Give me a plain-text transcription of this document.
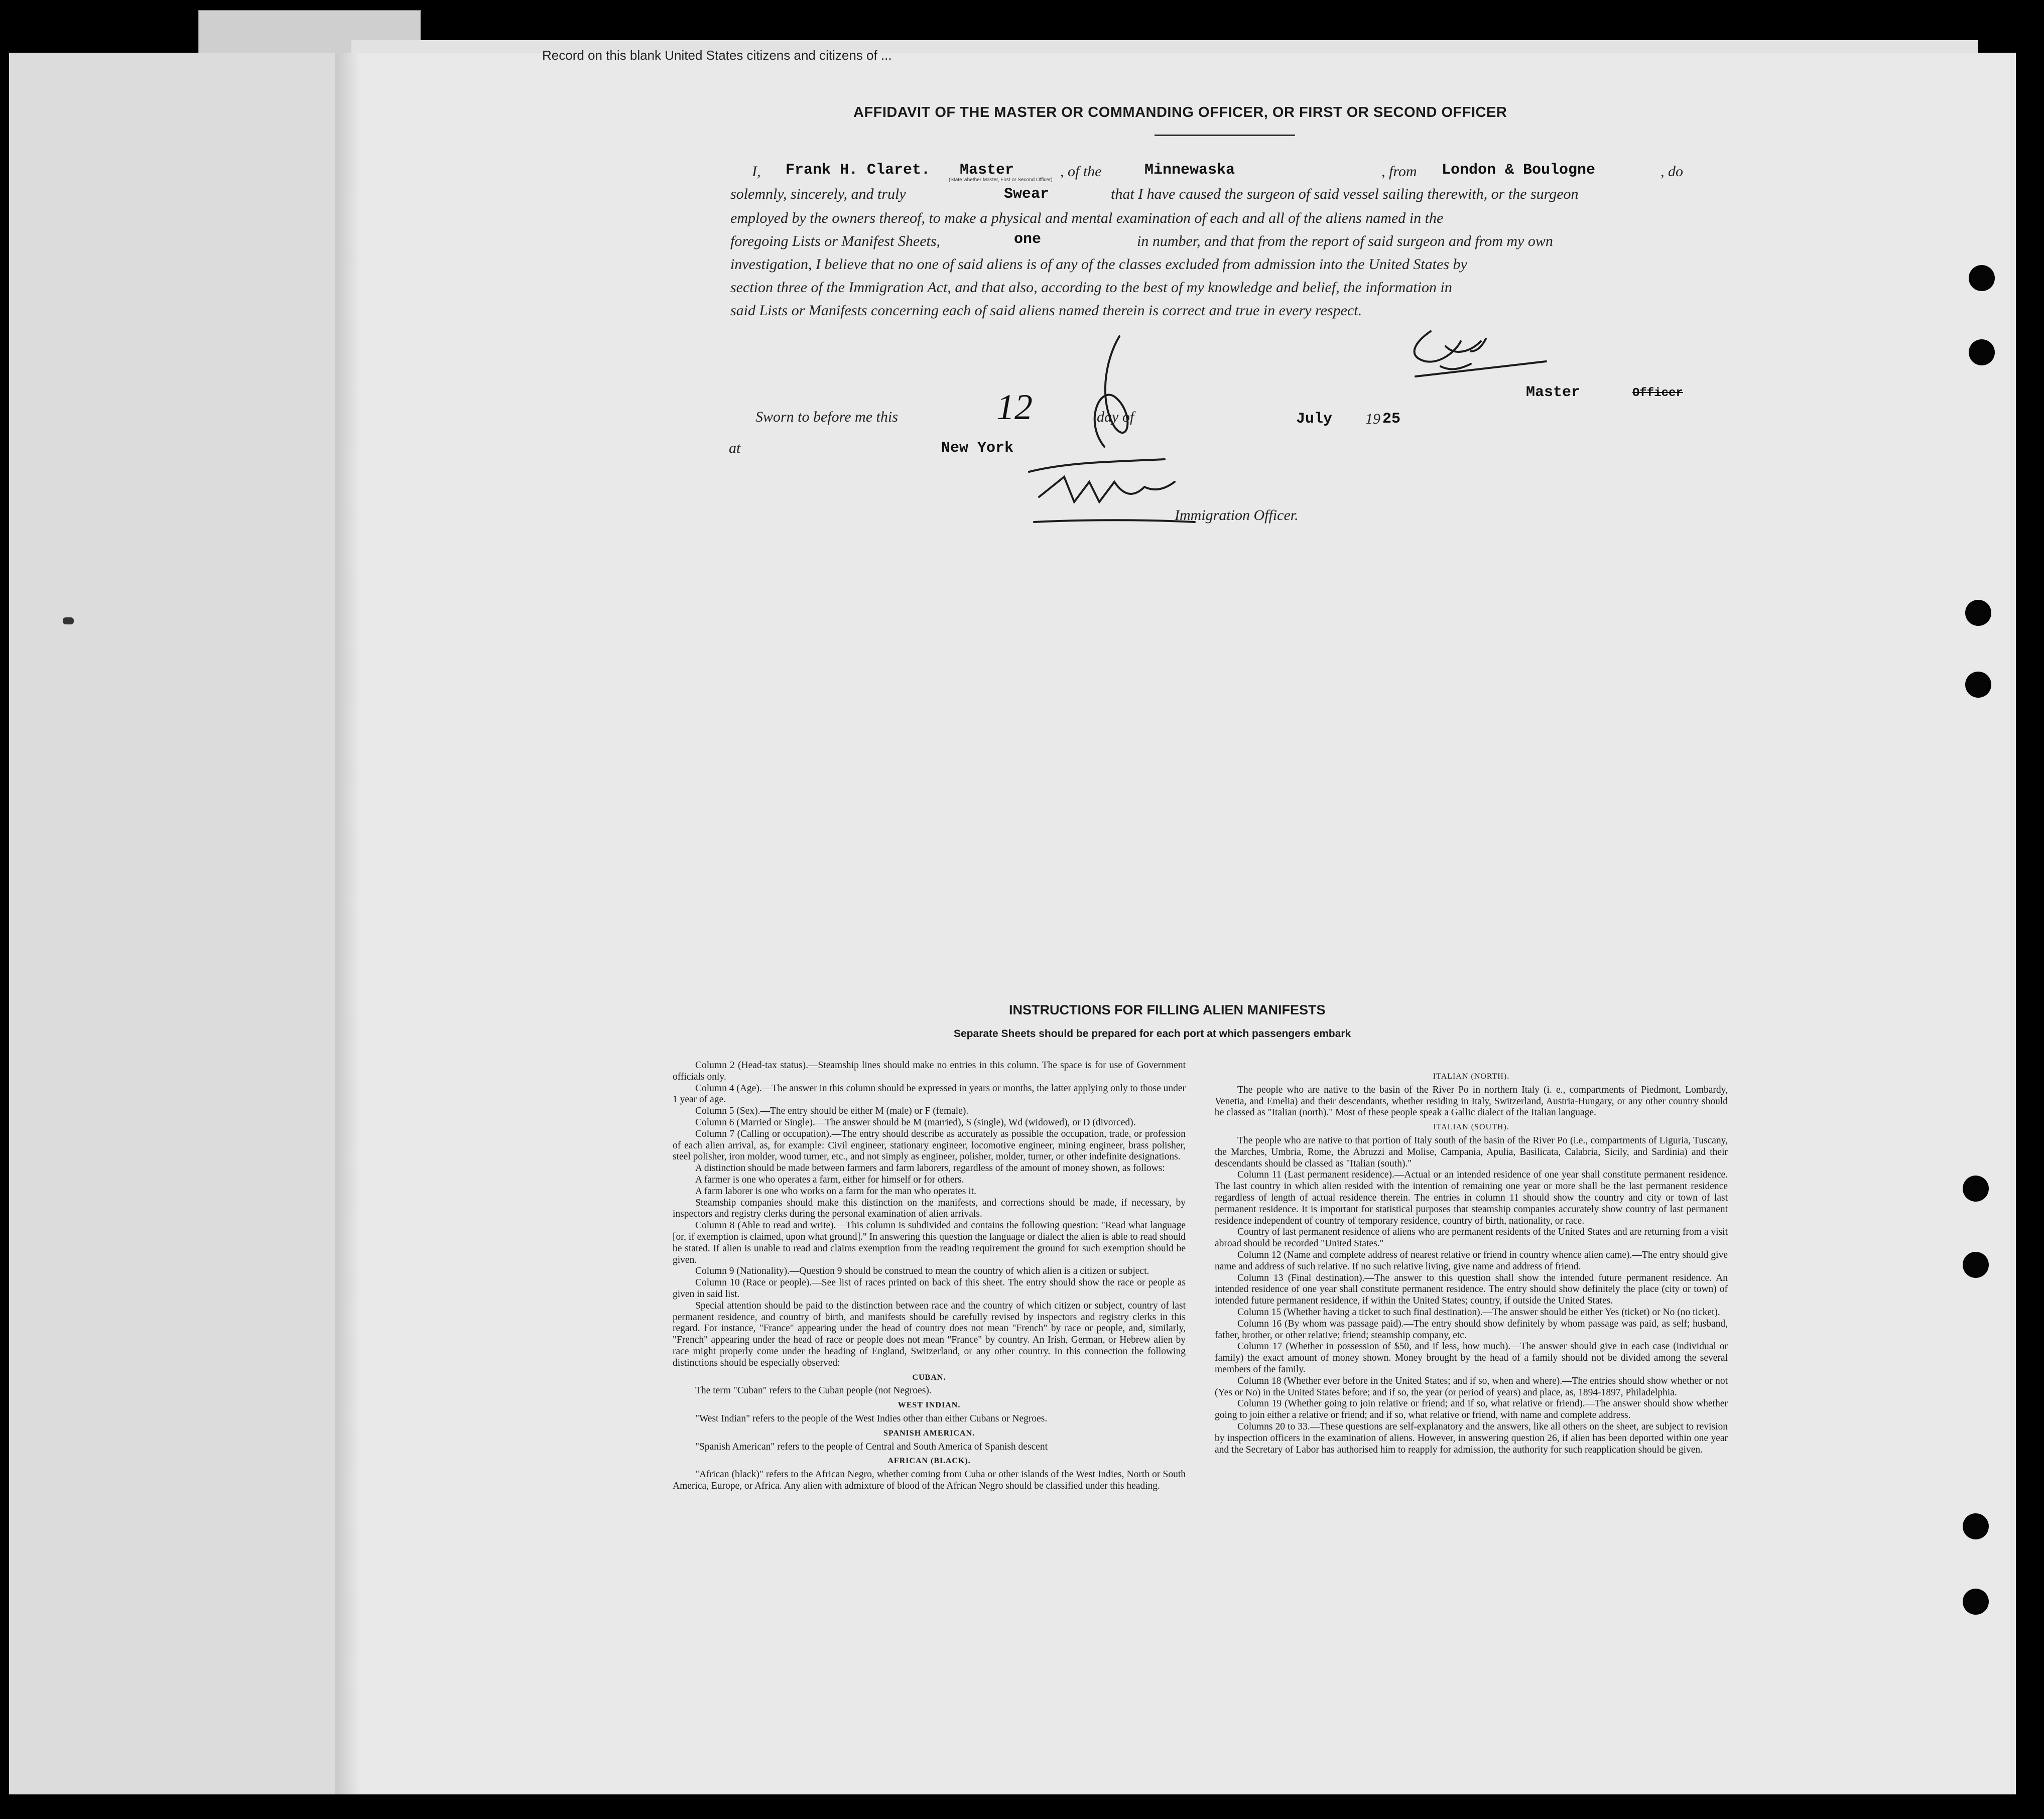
Record on this blank United States citizens and citizens of ...
AFFIDAVIT OF THE MASTER OR COMMANDING OFFICER, OR FIRST OR SECOND OFFICER
I, Frank H. Claret. Master
(State whether Master, First or Second Officer)
, of the	Minnewaska	, from London & Boulogne	, do
solemnly, sincerely, and truly	Swear	that I have caused the surgeon of said vessel sailing therewith, or the surgeon
employed by the owners thereof, to make a physical and mental examination of each and all of the aliens named in the
foregoing Lists or Manifest Sheets,	one	in number, and that from the report of said surgeon and from my own
investigation, I believe that no one of said aliens is of any of the classes excluded from admission into the United States by
section three of the Immigration Act, and that also, according to the best of my knowledge and belief, the information in
said Lists or Manifests concerning each of said aliens named therein is correct and true in every respect.
Master	Officer
Sworn to before me this	12	day of	July 19 25
at	New York
Immigration Officer.
INSTRUCTIONS FOR FILLING ALIEN MANIFESTS
Separate Sheets should be prepared for each port at which passengers embark

Column 2 (Head-tax status).—Steamship lines should make no entries in this column. The space is for use of Government officials only.

Column 4 (Age).—The answer in this column should be expressed in years or months, the latter applying only to those under 1 year of age.

Column 5 (Sex).—The entry should be either M (male) or F (female).

Column 6 (Married or Single).—The answer should be M (married), S (single), Wd (widowed), or D (divorced).

Column 7 (Calling or occupation).—The entry should describe as accurately as possible the occupation, trade, or profession of each alien arrival, as, for example: Civil engineer, stationary engineer, locomotive engineer, mining engineer, brass polisher, steel polisher, iron molder, wood turner, etc., and not simply as engineer, polisher, molder, turner, or other indefinite designations.

A distinction should be made between farmers and farm laborers, regardless of the amount of money shown, as follows:

A farmer is one who operates a farm, either for himself or for others.

A farm laborer is one who works on a farm for the man who operates it.

Steamship companies should make this distinction on the manifests, and corrections should be made, if necessary, by inspectors and registry clerks during the personal examination of alien arrivals.

Column 8 (Able to read and write).—This column is subdivided and contains the following question: "Read what language [or, if exemption is claimed, upon what ground]." In answering this question the language or dialect the alien is able to read should be stated. If alien is unable to read and claims exemption from the reading requirement the ground for such exemption should be given.

Column 9 (Nationality).—Question 9 should be construed to mean the country of which alien is a citizen or subject.

Column 10 (Race or people).—See list of races printed on back of this sheet. The entry should show the race or people as given in said list.

Special attention should be paid to the distinction between race and the country of which citizen or subject, country of last permanent residence, and country of birth, and manifests should be carefully revised by inspectors and registry clerks in this regard. For instance, "France" appearing under the head of country does not mean "French" by race or people, and, similarly, "French" appearing under the head of race or people does not mean "France" by country. An Irish, German, or Hebrew alien by race might properly come under the heading of England, Switzerland, or any other country. In this connection the following distinctions should be especially observed:

CUBAN.

The term "Cuban" refers to the Cuban people (not Negroes).

WEST INDIAN.

"West Indian" refers to the people of the West Indies other than either Cubans or Negroes.

SPANISH AMERICAN.

"Spanish American" refers to the people of Central and South America of Spanish descent

AFRICAN (BLACK).

"African (black)" refers to the African Negro, whether coming from Cuba or other islands of the West Indies, North or South America, Europe, or Africa. Any alien with admixture of blood of the African Negro should be classified under this heading.

ITALIAN (NORTH).

The people who are native to the basin of the River Po in northern Italy (i. e., compartments of Piedmont, Lombardy, Venetia, and Emelia) and their descendants, whether residing in Italy, Switzerland, Austria-Hungary, or any other country should be classed as "Italian (north)." Most of these people speak a Gallic dialect of the Italian language.

ITALIAN (SOUTH).

The people who are native to that portion of Italy south of the basin of the River Po (i.e., compartments of Liguria, Tuscany, the Marches, Umbria, Rome, the Abruzzi and Molise, Campania, Apulia, Basilicata, Calabria, Sicily, and Sardinia) and their descendants should be classed as "Italian (south)."

Column 11 (Last permanent residence).—Actual or an intended residence of one year shall constitute permanent residence. The last country in which alien resided with the intention of remaining one year or more shall be the last permanent residence regardless of length of actual residence therein. The entries in column 11 should show the country and city or town of last permanent residence. It is important for statistical purposes that steamship companies accurately show country of last permanent residence independent of country of temporary residence, country of birth, nationality, or race.

Country of last permanent residence of aliens who are permanent residents of the United States and are returning from a visit abroad should be recorded "United States."

Column 12 (Name and complete address of nearest relative or friend in country whence alien came).—The entry should give name and address of such relative. If no such relative living, give name and address of friend.

Column 13 (Final destination).—The answer to this question shall show the intended future permanent residence. An intended residence of one year shall constitute permanent residence. The entry should show definitely the place (city or town) of intended future permanent residence, if within the United States; country, if outside the United States.

Column 15 (Whether having a ticket to such final destination).—The answer should be either Yes (ticket) or No (no ticket).

Column 16 (By whom was passage paid).—The entry should show definitely by whom passage was paid, as self; husband, father, brother, or other relative; friend; steamship company, etc.

Column 17 (Whether in possession of $50, and if less, how much).—The answer should give in each case (individual or family) the exact amount of money shown. Money brought by the head of a family should not be divided among the several members of the family.

Column 18 (Whether ever before in the United States; and if so, when and where).—The entries should show whether or not (Yes or No) in the United States before; and if so, the year (or period of years) and place, as, 1894-1897, Philadelphia.

Column 19 (Whether going to join relative or friend; and if so, what relative or friend).—The answer should show whether going to join either a relative or friend; and if so, what relative or friend, with name and complete address.

Columns 20 to 33.—These questions are self-explanatory and the answers, like all others on the sheet, are subject to revision by inspection officers in the examination of aliens. However, in answering question 26, if alien has been deported within one year and the Secretary of Labor has authorised him to reapply for admission, the authority for such reapplication should be given.
